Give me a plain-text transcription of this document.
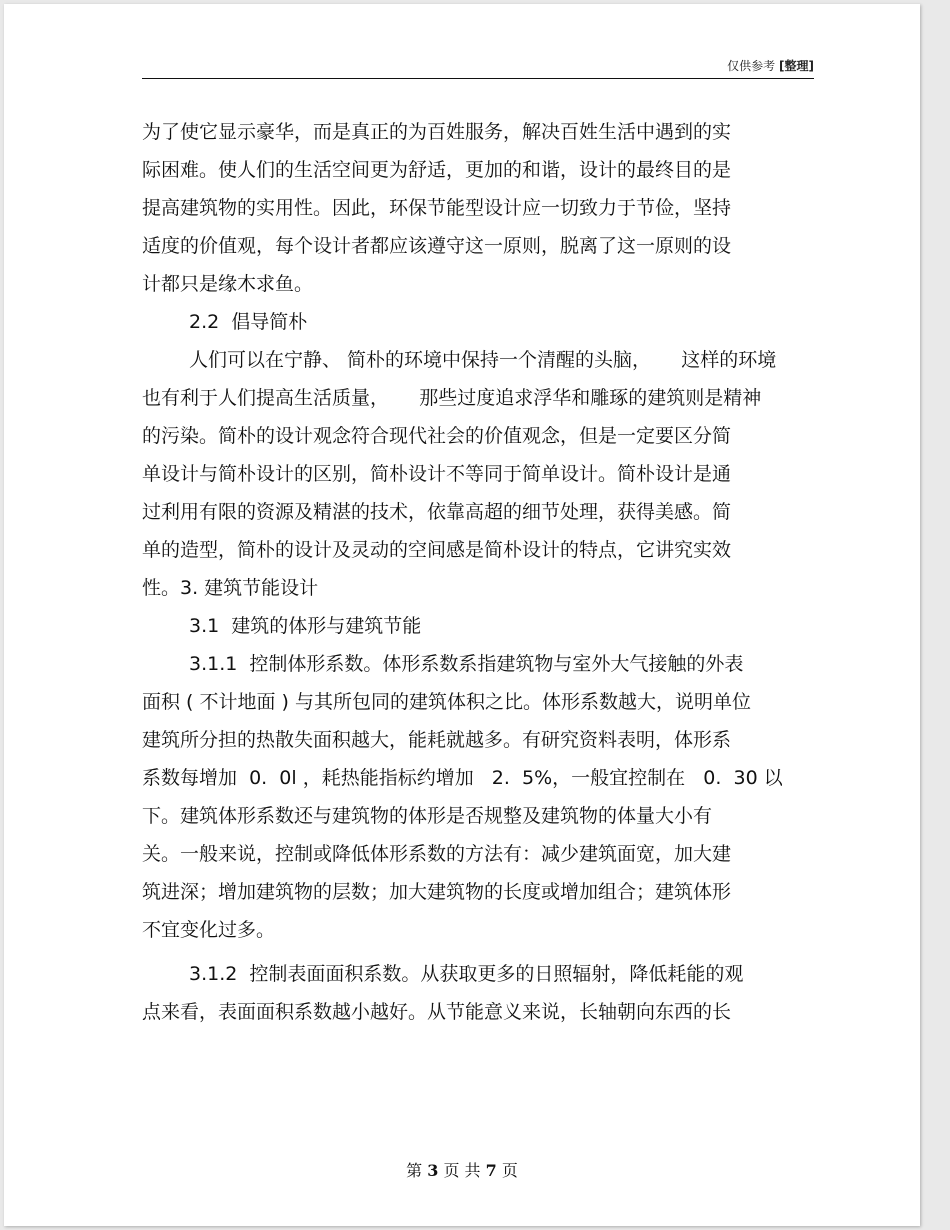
仅供参考 [整理]
为了使它显示豪华，而是真正的为百姓服务，解决百姓生活中遇到的实
际困难。使人们的生活空间更为舒适，更加的和谐，设计的最终目的是
提高建筑物的实用性。因此，环保节能型设计应一切致力于节俭，坚持
适度的价值观，每个设计者都应该遵守这一原则，脱离了这一原则的设
计都只是缘木求鱼。
2.2  倡导简朴
人们可以在宁静、 简朴的环境中保持一个清醒的头脑，     这样的环境
也有利于人们提高生活质量，     那些过度追求浮华和雕琢的建筑则是精神
的污染。简朴的设计观念符合现代社会的价值观念，但是一定要区分简
单设计与简朴设计的区别，简朴设计不等同于简单设计。简朴设计是通
过利用有限的资源及精湛的技术，依靠高超的细节处理，获得美感。简
单的造型，简朴的设计及灵动的空间感是简朴设计的特点，它讲究实效
性。3. 建筑节能设计
3.1  建筑的体形与建筑节能
3.1.1  控制体形系数。体形系数系指建筑物与室外大气接触的外表
面积 ( 不计地面 ) 与其所包同的建筑体积之比。体形系数越大，说明单位
建筑所分担的热散失面积越大，能耗就越多。有研究资料表明，体形系
系数每增加  0.  0l ，耗热能指标约增加   2.  5%，一般宜控制在   0.  30 以
下。建筑体形系数还与建筑物的体形是否规整及建筑物的体量大小有
关。一般来说，控制或降低体形系数的方法有：减少建筑面宽，加大建
筑进深；增加建筑物的层数；加大建筑物的长度或增加组合；建筑体形
不宜变化过多。
3.1.2  控制表面面积系数。从获取更多的日照辐射，降低耗能的观
点来看，表面面积系数越小越好。从节能意义来说，长轴朝向东西的长
第 3 页 共 7 页
